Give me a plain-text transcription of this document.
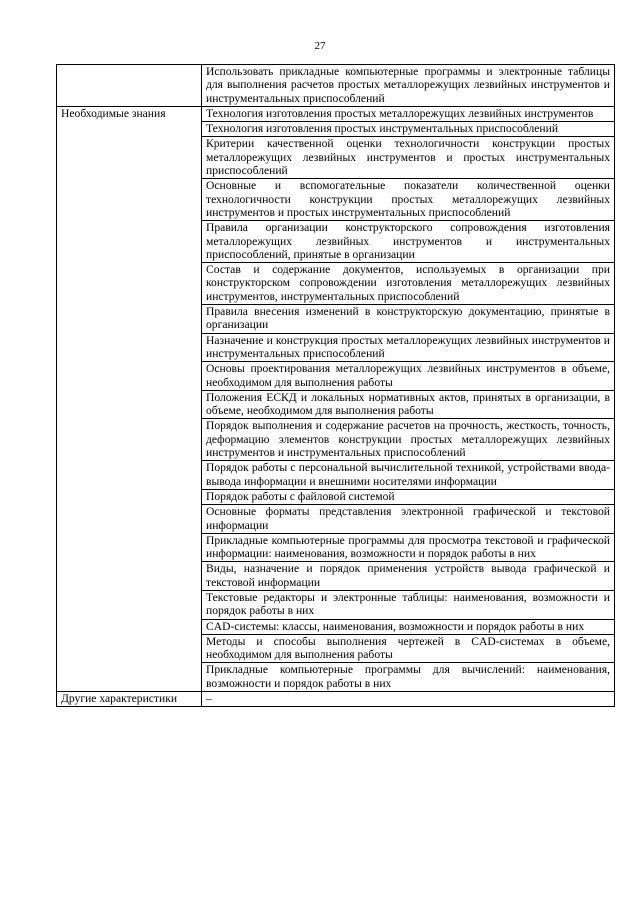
27
	Использовать прикладные компьютерные программы и электронные таблицы для выполнения расчетов простых металлорежущих лезвийных инструментов и инструментальных приспособлений
Необходимые знания	Технология изготовления простых металлорежущих лезвийных инструментов
	Технология изготовления простых инструментальных приспособлений
	Критерии качественной оценки технологичности конструкции простых металлорежущих лезвийных инструментов и простых инструментальных приспособлений
	Основные и вспомогательные показатели количественной оценки технологичности конструкции простых металлорежущих лезвийных инструментов и простых инструментальных приспособлений
	Правила организации конструкторского сопровождения изготовления металлорежущих лезвийных инструментов и инструментальных приспособлений, принятые в организации
	Состав и содержание документов, используемых в организации при конструкторском сопровождении изготовления металлорежущих лезвийных инструментов, инструментальных приспособлений
	Правила внесения изменений в конструкторскую документацию, принятые в организации
	Назначение и конструкция простых металлорежущих лезвийных инструментов и инструментальных приспособлений
	Основы проектирования металлорежущих лезвийных инструментов в объеме, необходимом для выполнения работы
	Положения ЕСКД и локальных нормативных актов, принятых в организации, в объеме, необходимом для выполнения работы
	Порядок выполнения и содержание расчетов на прочность, жесткость, точность, деформацию элементов конструкции простых металлорежущих лезвийных инструментов и инструментальных приспособлений
	Порядок работы с персональной вычислительной техникой, устройствами ввода-вывода информации и внешними носителями информации
	Порядок работы с файловой системой
	Основные форматы представления электронной графической и текстовой информации
	Прикладные компьютерные программы для просмотра текстовой и графической информации: наименования, возможности и порядок работы в них
	Виды, назначение и порядок применения устройств вывода графической и текстовой информации
	Текстовые редакторы и электронные таблицы: наименования, возможности и порядок работы в них
	CAD-системы: классы, наименования, возможности и порядок работы в них
	Методы и способы выполнения чертежей в CAD-системах в объеме, необходимом для выполнения работы
	Прикладные компьютерные программы для вычислений: наименования, возможности и порядок работы в них
Другие характеристики	–
